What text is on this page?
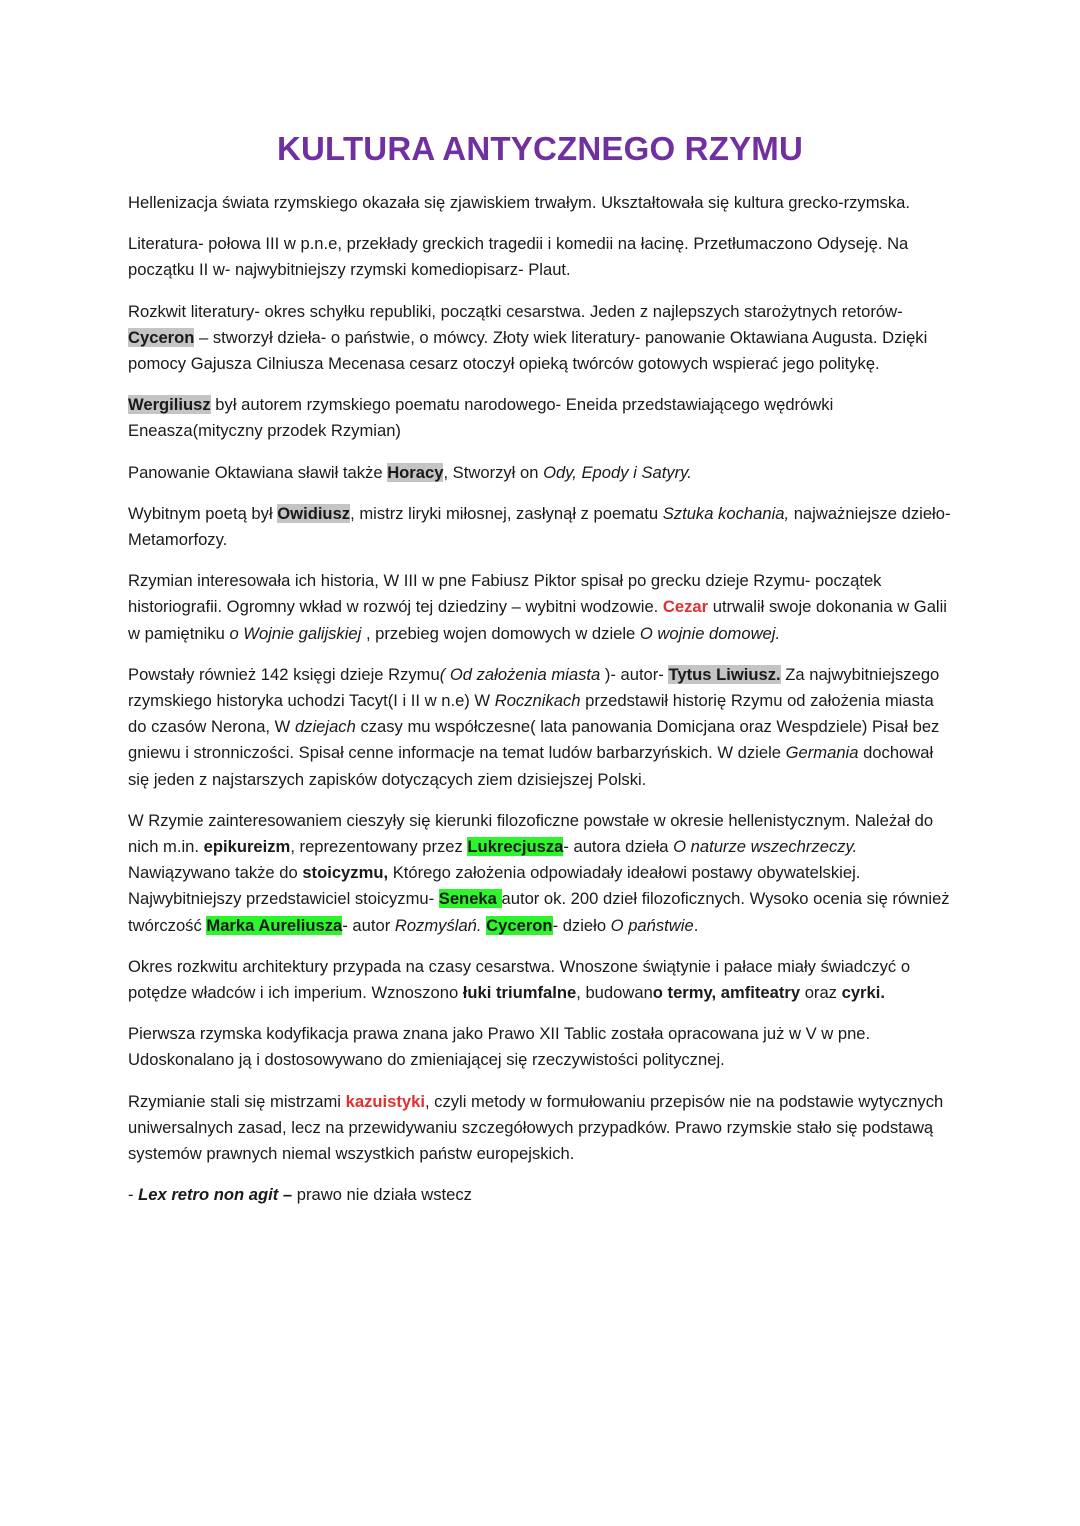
KULTURA ANTYCZNEGO RZYMU

Hellenizacja świata rzymskiego okazała się zjawiskiem trwałym. Ukształtowała się kultura grecko-rzymska.

Literatura- połowa III w p.n.e, przekłady greckich tragedii i komedii na łacinę. Przetłumaczono Odyseję. Na początku II w- najwybitniejszy rzymski komediopisarz- Plaut.

Rozkwit literatury- okres schyłku republiki, początki cesarstwa. Jeden z najlepszych starożytnych retorów- Cyceron – stworzył dzieła- o państwie, o mówcy. Złoty wiek literatury- panowanie Oktawiana Augusta. Dzięki pomocy Gajusza Cilniusza Mecenasa cesarz otoczył opieką twórców gotowych wspierać jego politykę.

Wergiliusz był autorem rzymskiego poematu narodowego- Eneida przedstawiającego wędrówki Eneasza(mityczny przodek Rzymian)

Panowanie Oktawiana sławił także Horacy, Stworzył on Ody, Epody i Satyry.

Wybitnym poetą był Owidiusz, mistrz liryki miłosnej, zasłynął z poematu Sztuka kochania, najważniejsze dzieło- Metamorfozy.

Rzymian interesowała ich historia, W III w pne Fabiusz Piktor spisał po grecku dzieje Rzymu- początek historiografii. Ogromny wkład w rozwój tej dziedziny – wybitni wodzowie. Cezar utrwalił swoje dokonania w Galii w pamiętniku o Wojnie galijskiej , przebieg wojen domowych w dziele O wojnie domowej.

Powstały również 142 księgi dzieje Rzymu( Od założenia miasta )- autor- Tytus Liwiusz. Za najwybitniejszego rzymskiego historyka uchodzi Tacyt(I i II w n.e) W Rocznikach przedstawił historię Rzymu od założenia miasta do czasów Nerona, W dziejach czasy mu współczesne( lata panowania Domicjana oraz Wespdziele) Pisał bez gniewu i stronniczości. Spisał cenne informacje na temat ludów barbarzyńskich. W dziele Germania dochował się jeden z najstarszych zapisków dotyczących ziem dzisiejszej Polski.

W Rzymie zainteresowaniem cieszyły się kierunki filozoficzne powstałe w okresie hellenistycznym. Należał do nich m.in. epikureizm, reprezentowany przez Lukrecjusza- autora dzieła O naturze wszechrzeczy. Nawiązywano także do stoicyzmu, Którego założenia odpowiadały ideałowi postawy obywatelskiej. Najwybitniejszy przedstawiciel stoicyzmu- Seneka autor ok. 200 dzieł filozoficznych. Wysoko ocenia się również twórczość Marka Aureliusza- autor Rozmyślań. Cyceron- dzieło O państwie.

Okres rozkwitu architektury przypada na czasy cesarstwa. Wnoszone świątynie i pałace miały świadczyć o potędze władców i ich imperium. Wznoszono łuki triumfalne, budowano termy, amfiteatry oraz cyrki.

Pierwsza rzymska kodyfikacja prawa znana jako Prawo XII Tablic została opracowana już w V w pne. Udoskonalano ją i dostosowywano do zmieniającej się rzeczywistości politycznej.

Rzymianie stali się mistrzami kazuistyki, czyli metody w formułowaniu przepisów nie na podstawie wytycznych uniwersalnych zasad, lecz na przewidywaniu szczegółowych przypadków. Prawo rzymskie stało się podstawą systemów prawnych niemal wszystkich państw europejskich.

- Lex retro non agit – prawo nie działa wstecz
